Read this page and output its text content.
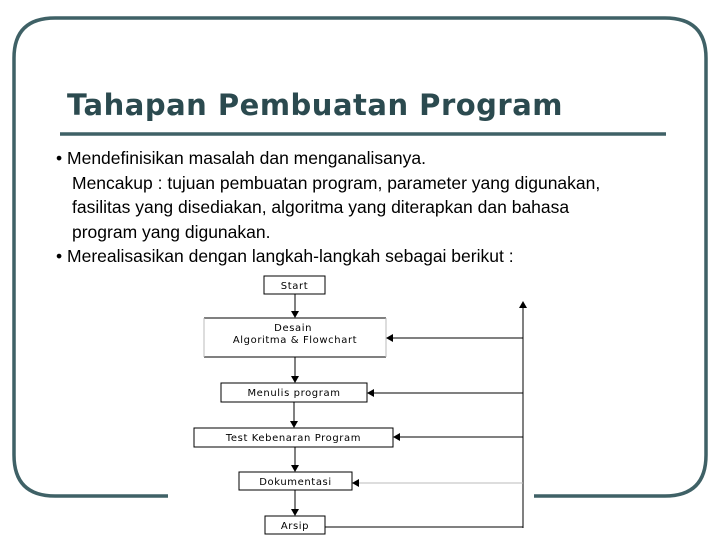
Tahapan Pembuatan Program
• Mendefinisikan masalah dan menganalisanya.
Mencakup : tujuan pembuatan program, parameter yang digunakan,
fasilitas yang disediakan, algoritma yang diterapkan dan bahasa
program yang digunakan.
• Merealisasikan dengan langkah-langkah sebagai berikut :
Start
Desain Algoritma & Flowchart
Menulis program
Test Kebenaran Program
Dokumentasi
Arsip
